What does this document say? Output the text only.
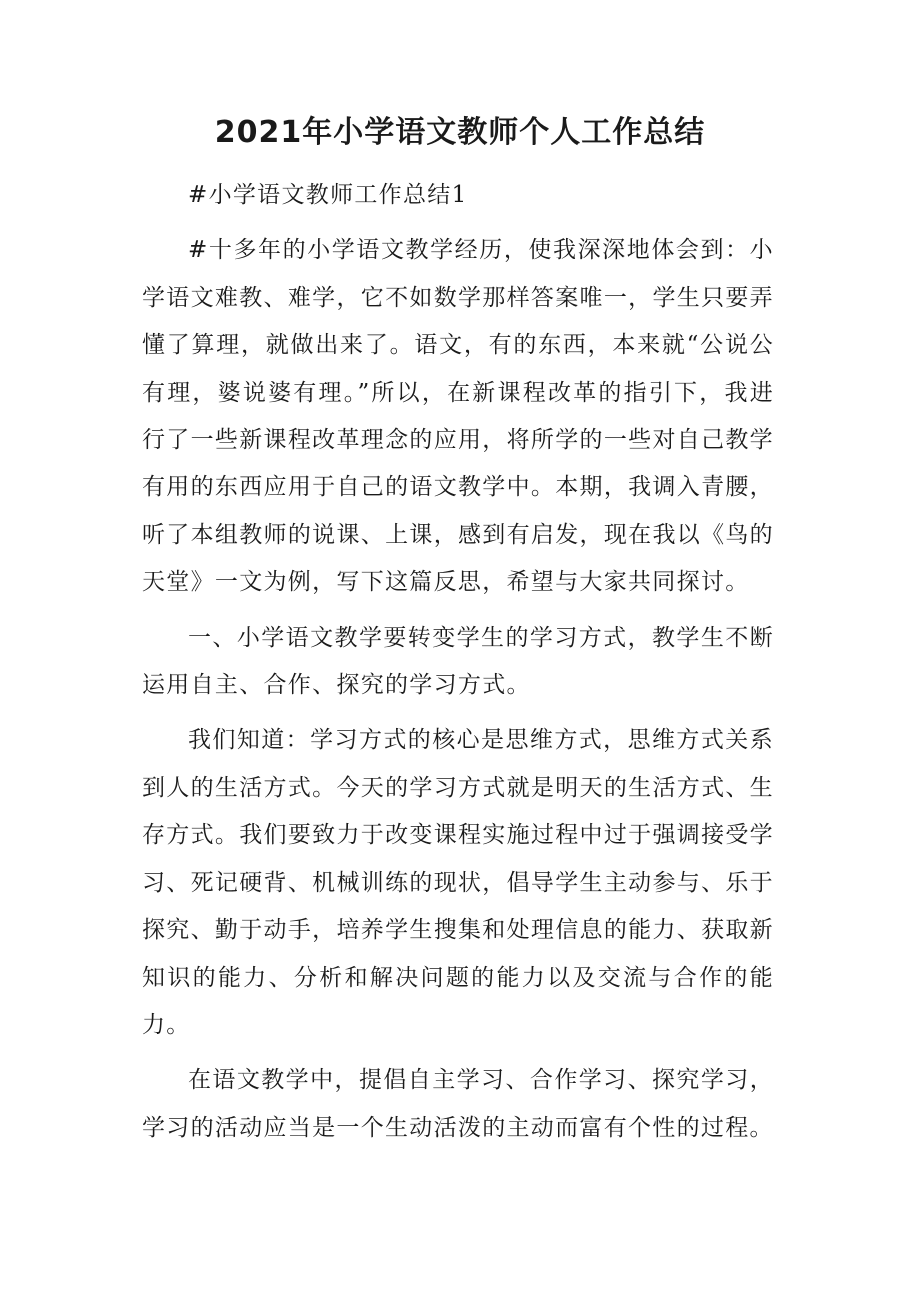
2021年小学语文教师个人工作总结

#小学语文教师工作总结1

#十多年的小学语文教学经历，使我深深地体会到：小学语文难教、难学，它不如数学那样答案唯一，学生只要弄懂了算理，就做出来了。语文，有的东西，本来就“公说公有理，婆说婆有理。”所以，在新课程改革的指引下，我进行了一些新课程改革理念的应用，将所学的一些对自己教学有用的东西应用于自己的语文教学中。本期，我调入青腰，听了本组教师的说课、上课，感到有启发，现在我以《鸟的天堂》一文为例，写下这篇反思，希望与大家共同探讨。

一、小学语文教学要转变学生的学习方式，教学生不断运用自主、合作、探究的学习方式。

我们知道：学习方式的核心是思维方式，思维方式关系到人的生活方式。今天的学习方式就是明天的生活方式、生存方式。我们要致力于改变课程实施过程中过于强调接受学习、死记硬背、机械训练的现状，倡导学生主动参与、乐于探究、勤于动手，培养学生搜集和处理信息的能力、获取新知识的能力、分析和解决问题的能力以及交流与合作的能力。

在语文教学中，提倡自主学习、合作学习、探究学习，学习的活动应当是一个生动活泼的主动而富有个性的过程。
